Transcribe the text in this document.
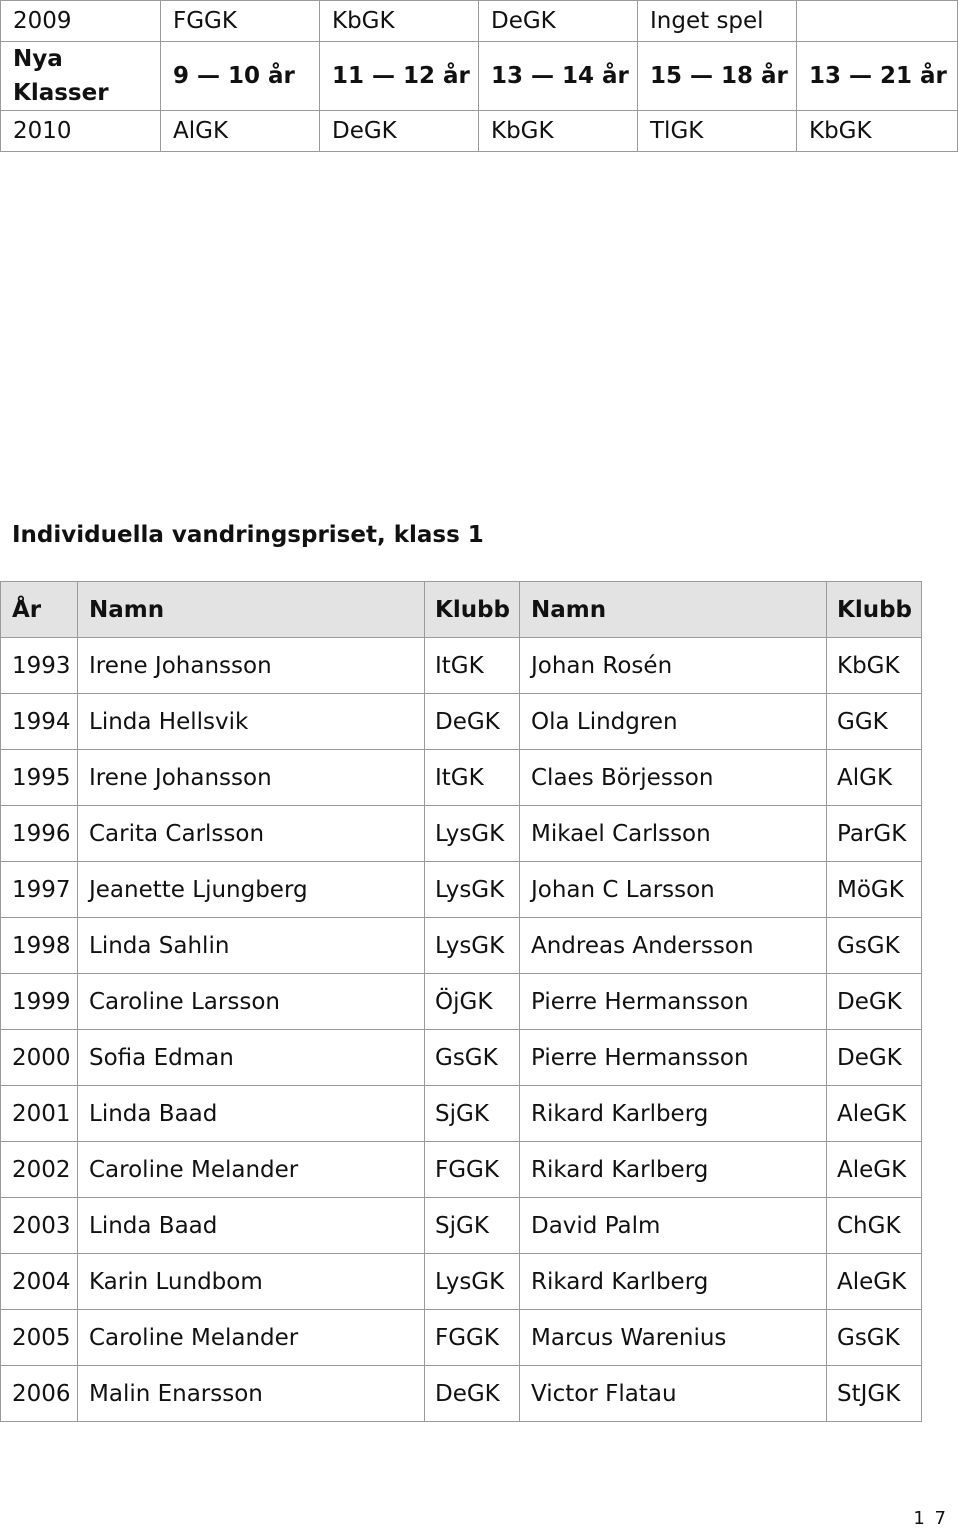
2009	FGGK	KbGK	DeGK	Inget spel	
Nya Klasser	9 — 10 år	11 — 12 år	13 — 14 år	15 — 18 år	13 — 21 år
2010	AlGK	DeGK	KbGK	TlGK	KbGK
Individuella vandringspriset, klass 1
År	Namn	Klubb	Namn	Klubb
1993	Irene Johansson	ItGK	Johan Rosén	KbGK
1994	Linda Hellsvik	DeGK	Ola Lindgren	GGK
1995	Irene Johansson	ItGK	Claes Börjesson	AlGK
1996	Carita Carlsson	LysGK	Mikael Carlsson	ParGK
1997	Jeanette Ljungberg	LysGK	Johan C Larsson	MöGK
1998	Linda Sahlin	LysGK	Andreas Andersson	GsGK
1999	Caroline Larsson	ÖjGK	Pierre Hermansson	DeGK
2000	Sofia Edman	GsGK	Pierre Hermansson	DeGK
2001	Linda Baad	SjGK	Rikard Karlberg	AleGK
2002	Caroline Melander	FGGK	Rikard Karlberg	AleGK
2003	Linda Baad	SjGK	David Palm	ChGK
2004	Karin Lundbom	LysGK	Rikard Karlberg	AleGK
2005	Caroline Melander	FGGK	Marcus Warenius	GsGK
2006	Malin Enarsson	DeGK	Victor Flatau	StJGK
1 7
